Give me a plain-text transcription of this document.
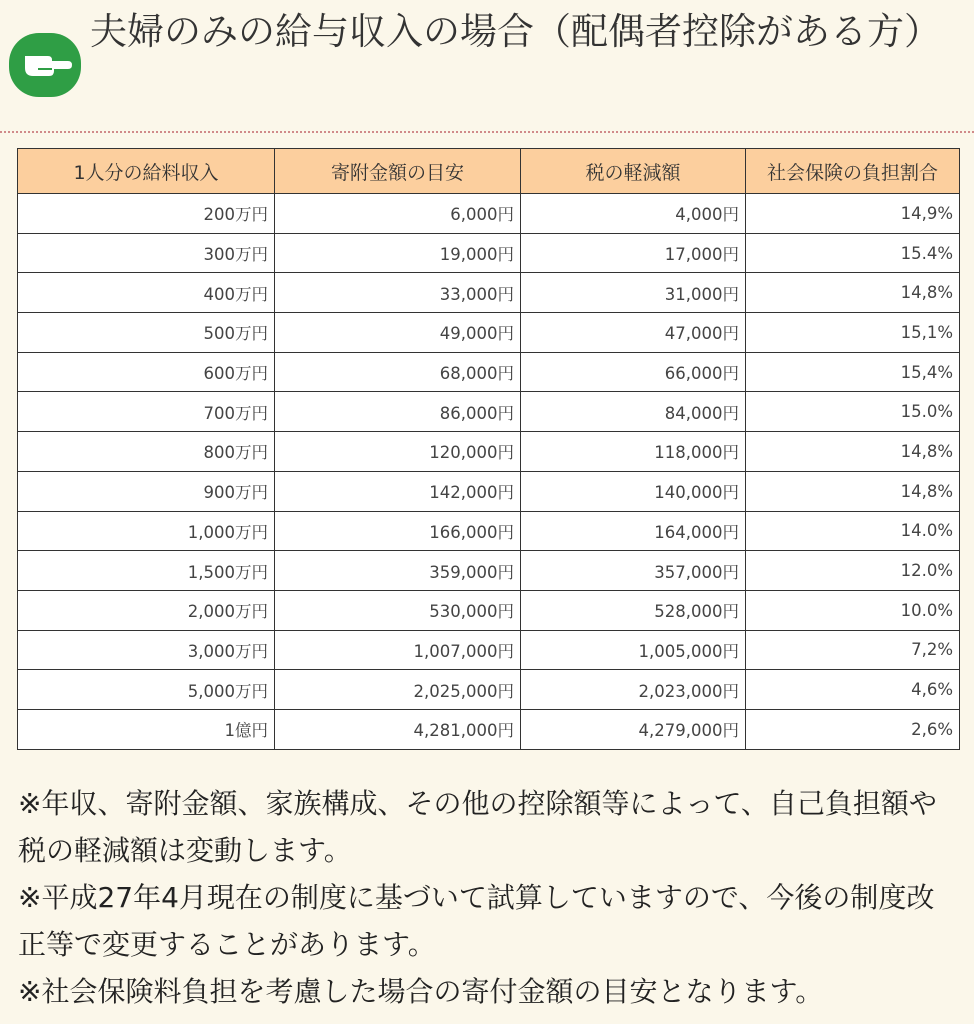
夫婦のみの給与収入の場合（配偶者控除がある方）
1人分の給料収入	寄附金額の目安	税の軽減額	社会保険の負担割合
200万円	6,000円	4,000円	14,9%
300万円	19,000円	17,000円	15.4%
400万円	33,000円	31,000円	14,8%
500万円	49,000円	47,000円	15,1%
600万円	68,000円	66,000円	15,4%
700万円	86,000円	84,000円	15.0%
800万円	120,000円	118,000円	14,8%
900万円	142,000円	140,000円	14,8%
1,000万円	166,000円	164,000円	14.0%
1,500万円	359,000円	357,000円	12.0%
2,000万円	530,000円	528,000円	10.0%
3,000万円	1,007,000円	1,005,000円	7,2%
5,000万円	2,025,000円	2,023,000円	4,6%
1億円	4,281,000円	4,279,000円	2,6%

※年収、寄附金額、家族構成、その他の控除額等によって、自己負担額や税の軽減額は変動します。

※平成27年4月現在の制度に基づいて試算していますので、今後の制度改正等で変更することがあります。

※社会保険料負担を考慮した場合の寄付金額の目安となります。
